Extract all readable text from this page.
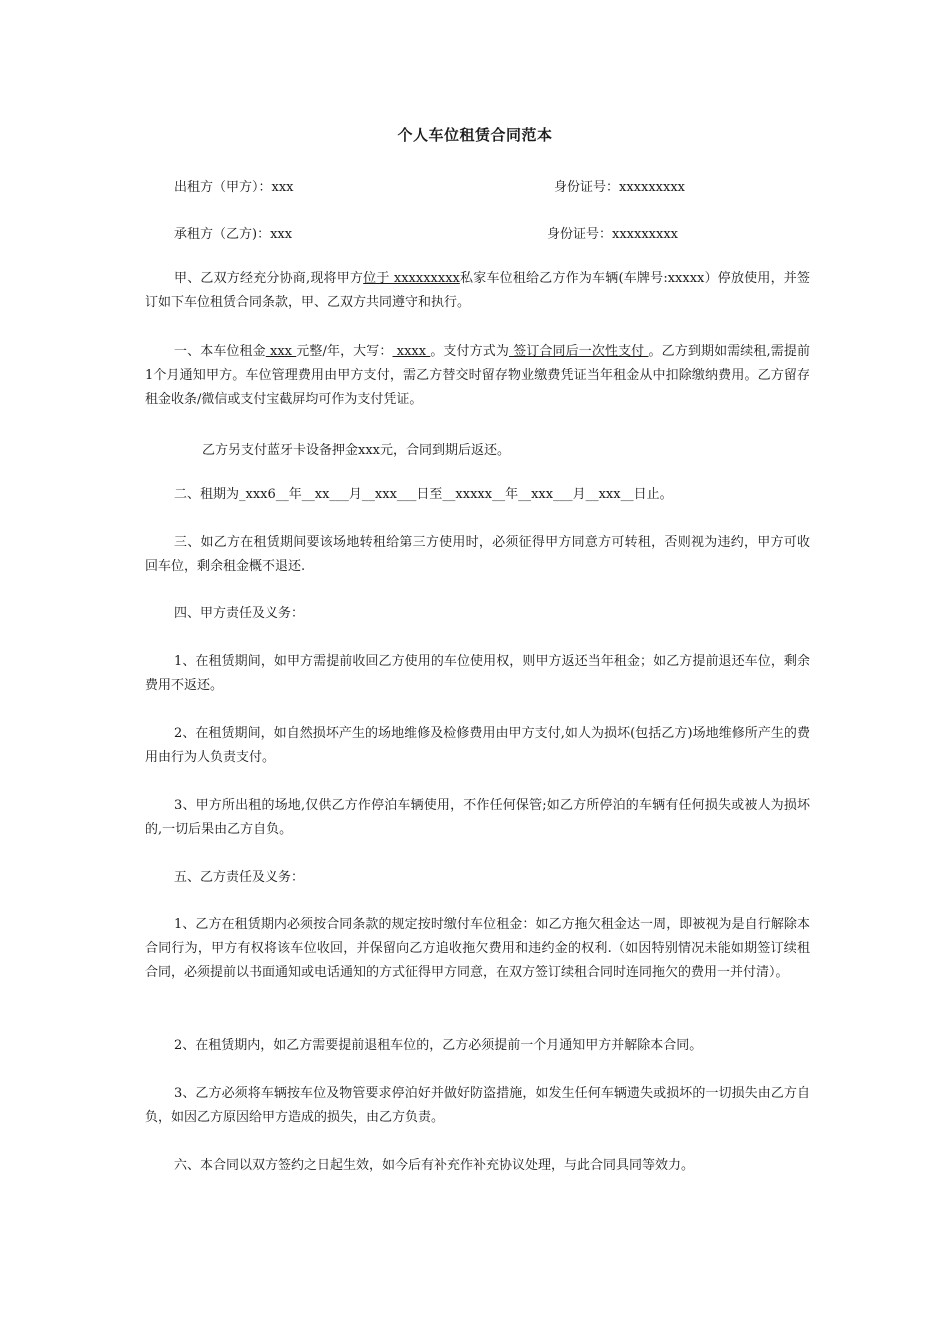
个人车位租赁合同范本
出租方（甲方）：xxx	身份证号：xxxxxxxxx
承租方（乙方)：xxx	身份证号：xxxxxxxxx

甲、乙双方经充分协商,现将甲方位于 xxxxxxxxx私家车位租给乙方作为车辆(车牌号:xxxxx）停放使用，并签订如下车位租赁合同条款，甲、乙双方共同遵守和执行。

一、本车位租金 xxx 元整/年，大写： xxxx 。支付方式为 签订合同后一次性支付 。乙方到期如需续租,需提前1个月通知甲方。车位管理费用由甲方支付，需乙方替交时留存物业缴费凭证当年租金从中扣除缴纳费用。乙方留存租金收条/微信或支付宝截屏均可作为支付凭证。

乙方另支付蓝牙卡设备押金xxx元，合同到期后返还。

二、租期为_xxx6__年__xx___月__xxx___日至__xxxxx__年__xxx___月__xxx__日止。

三、如乙方在租赁期间要该场地转租给第三方使用时，必须征得甲方同意方可转租，否则视为违约，甲方可收回车位，剩余租金概不退还.

四、甲方责任及义务：

1、在租赁期间，如甲方需提前收回乙方使用的车位使用权，则甲方返还当年租金；如乙方提前退还车位，剩余费用不返还。

2、在租赁期间，如自然损坏产生的场地维修及检修费用由甲方支付,如人为损坏(包括乙方)场地维修所产生的费用由行为人负责支付。

3、甲方所出租的场地,仅供乙方作停泊车辆使用，不作任何保管;如乙方所停泊的车辆有任何损失或被人为损坏的,一切后果由乙方自负。

五、乙方责任及义务：

1、乙方在租赁期内必须按合同条款的规定按时缴付车位租金：如乙方拖欠租金达一周，即被视为是自行解除本合同行为，甲方有权将该车位收回，并保留向乙方追收拖欠费用和违约金的权利.（如因特别情况未能如期签订续租合同，必须提前以书面通知或电话通知的方式征得甲方同意，在双方签订续租合同时连同拖欠的费用一并付清）。

2、在租赁期内，如乙方需要提前退租车位的，乙方必须提前一个月通知甲方并解除本合同。

3、乙方必须将车辆按车位及物管要求停泊好并做好防盗措施，如发生任何车辆遗失或损坏的一切损失由乙方自负，如因乙方原因给甲方造成的损失，由乙方负责。

六、本合同以双方签约之日起生效，如今后有补充作补充协议处理，与此合同具同等效力。
